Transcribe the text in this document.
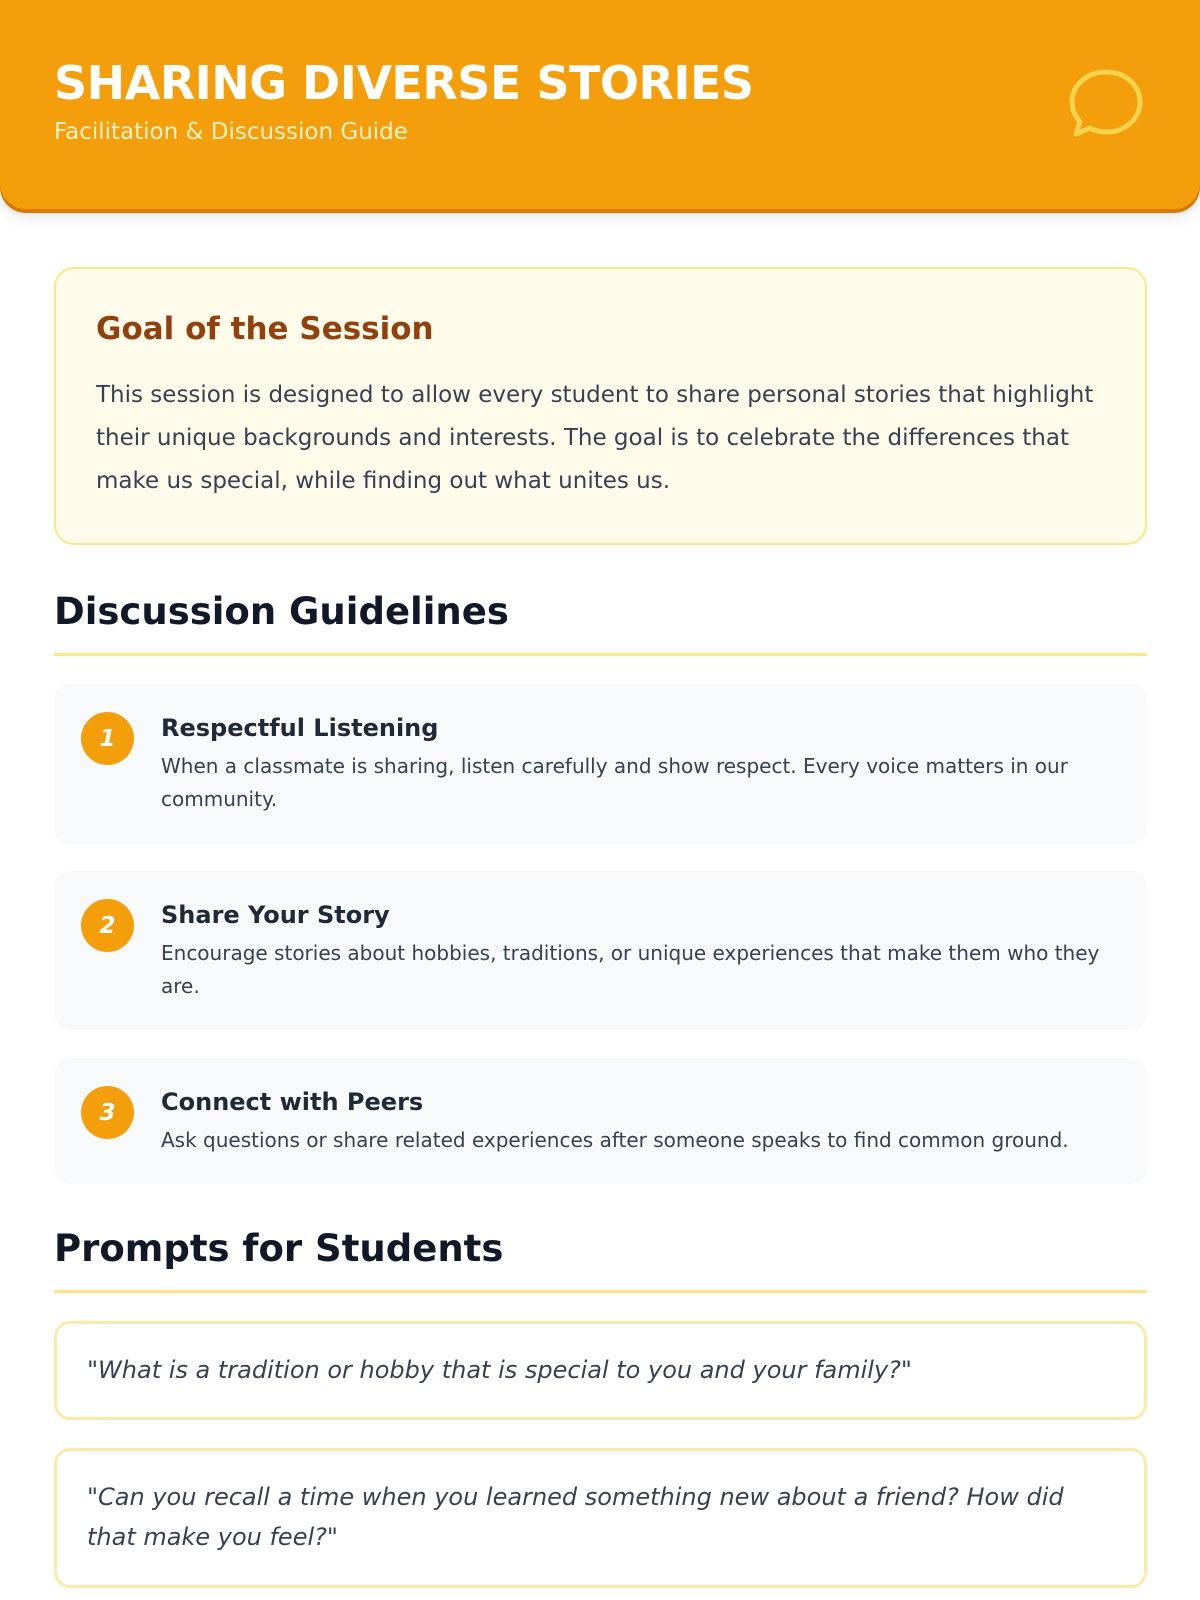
SHARING DIVERSE STORIES
Facilitation & Discussion Guide
Goal of the Session
This session is designed to allow every student to share personal stories that highlight their unique backgrounds and interests. The goal is to celebrate the differences that make us special, while finding out what unites us.
Discussion Guidelines
1	Respectful Listening
When a classmate is sharing, listen carefully and show respect. Every voice matters in our community.
2	Share Your Story
Encourage stories about hobbies, traditions, or unique experiences that make them who they are.
3	Connect with Peers
Ask questions or share related experiences after someone speaks to find common ground.
Prompts for Students
"What is a tradition or hobby that is special to you and your family?"
"Can you recall a time when you learned something new about a friend? How did that make you feel?"
